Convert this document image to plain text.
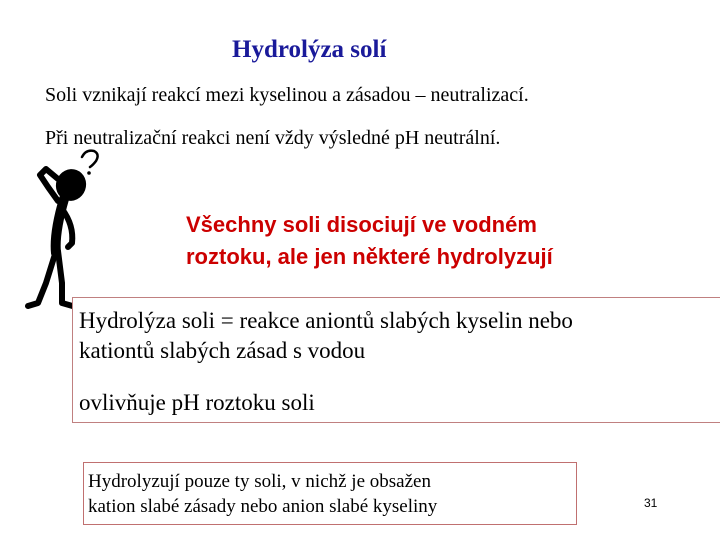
Hydrolýza solí
Soli vznikají reakcí mezi kyselinou a zásadou – neutralizací.
Při neutralizační reakci není vždy výsledné pH neutrální.
Všechny soli disociují ve vodném
roztoku, ale jen některé hydrolyzují
Hydrolýza soli = reakce aniontů slabých kyselin nebo
kationtů slabých zásad s vodou
ovlivňuje pH roztoku soli
Hydrolyzují pouze ty soli, v nichž je obsažen
kation slabé zásady nebo anion slabé kyseliny	31
